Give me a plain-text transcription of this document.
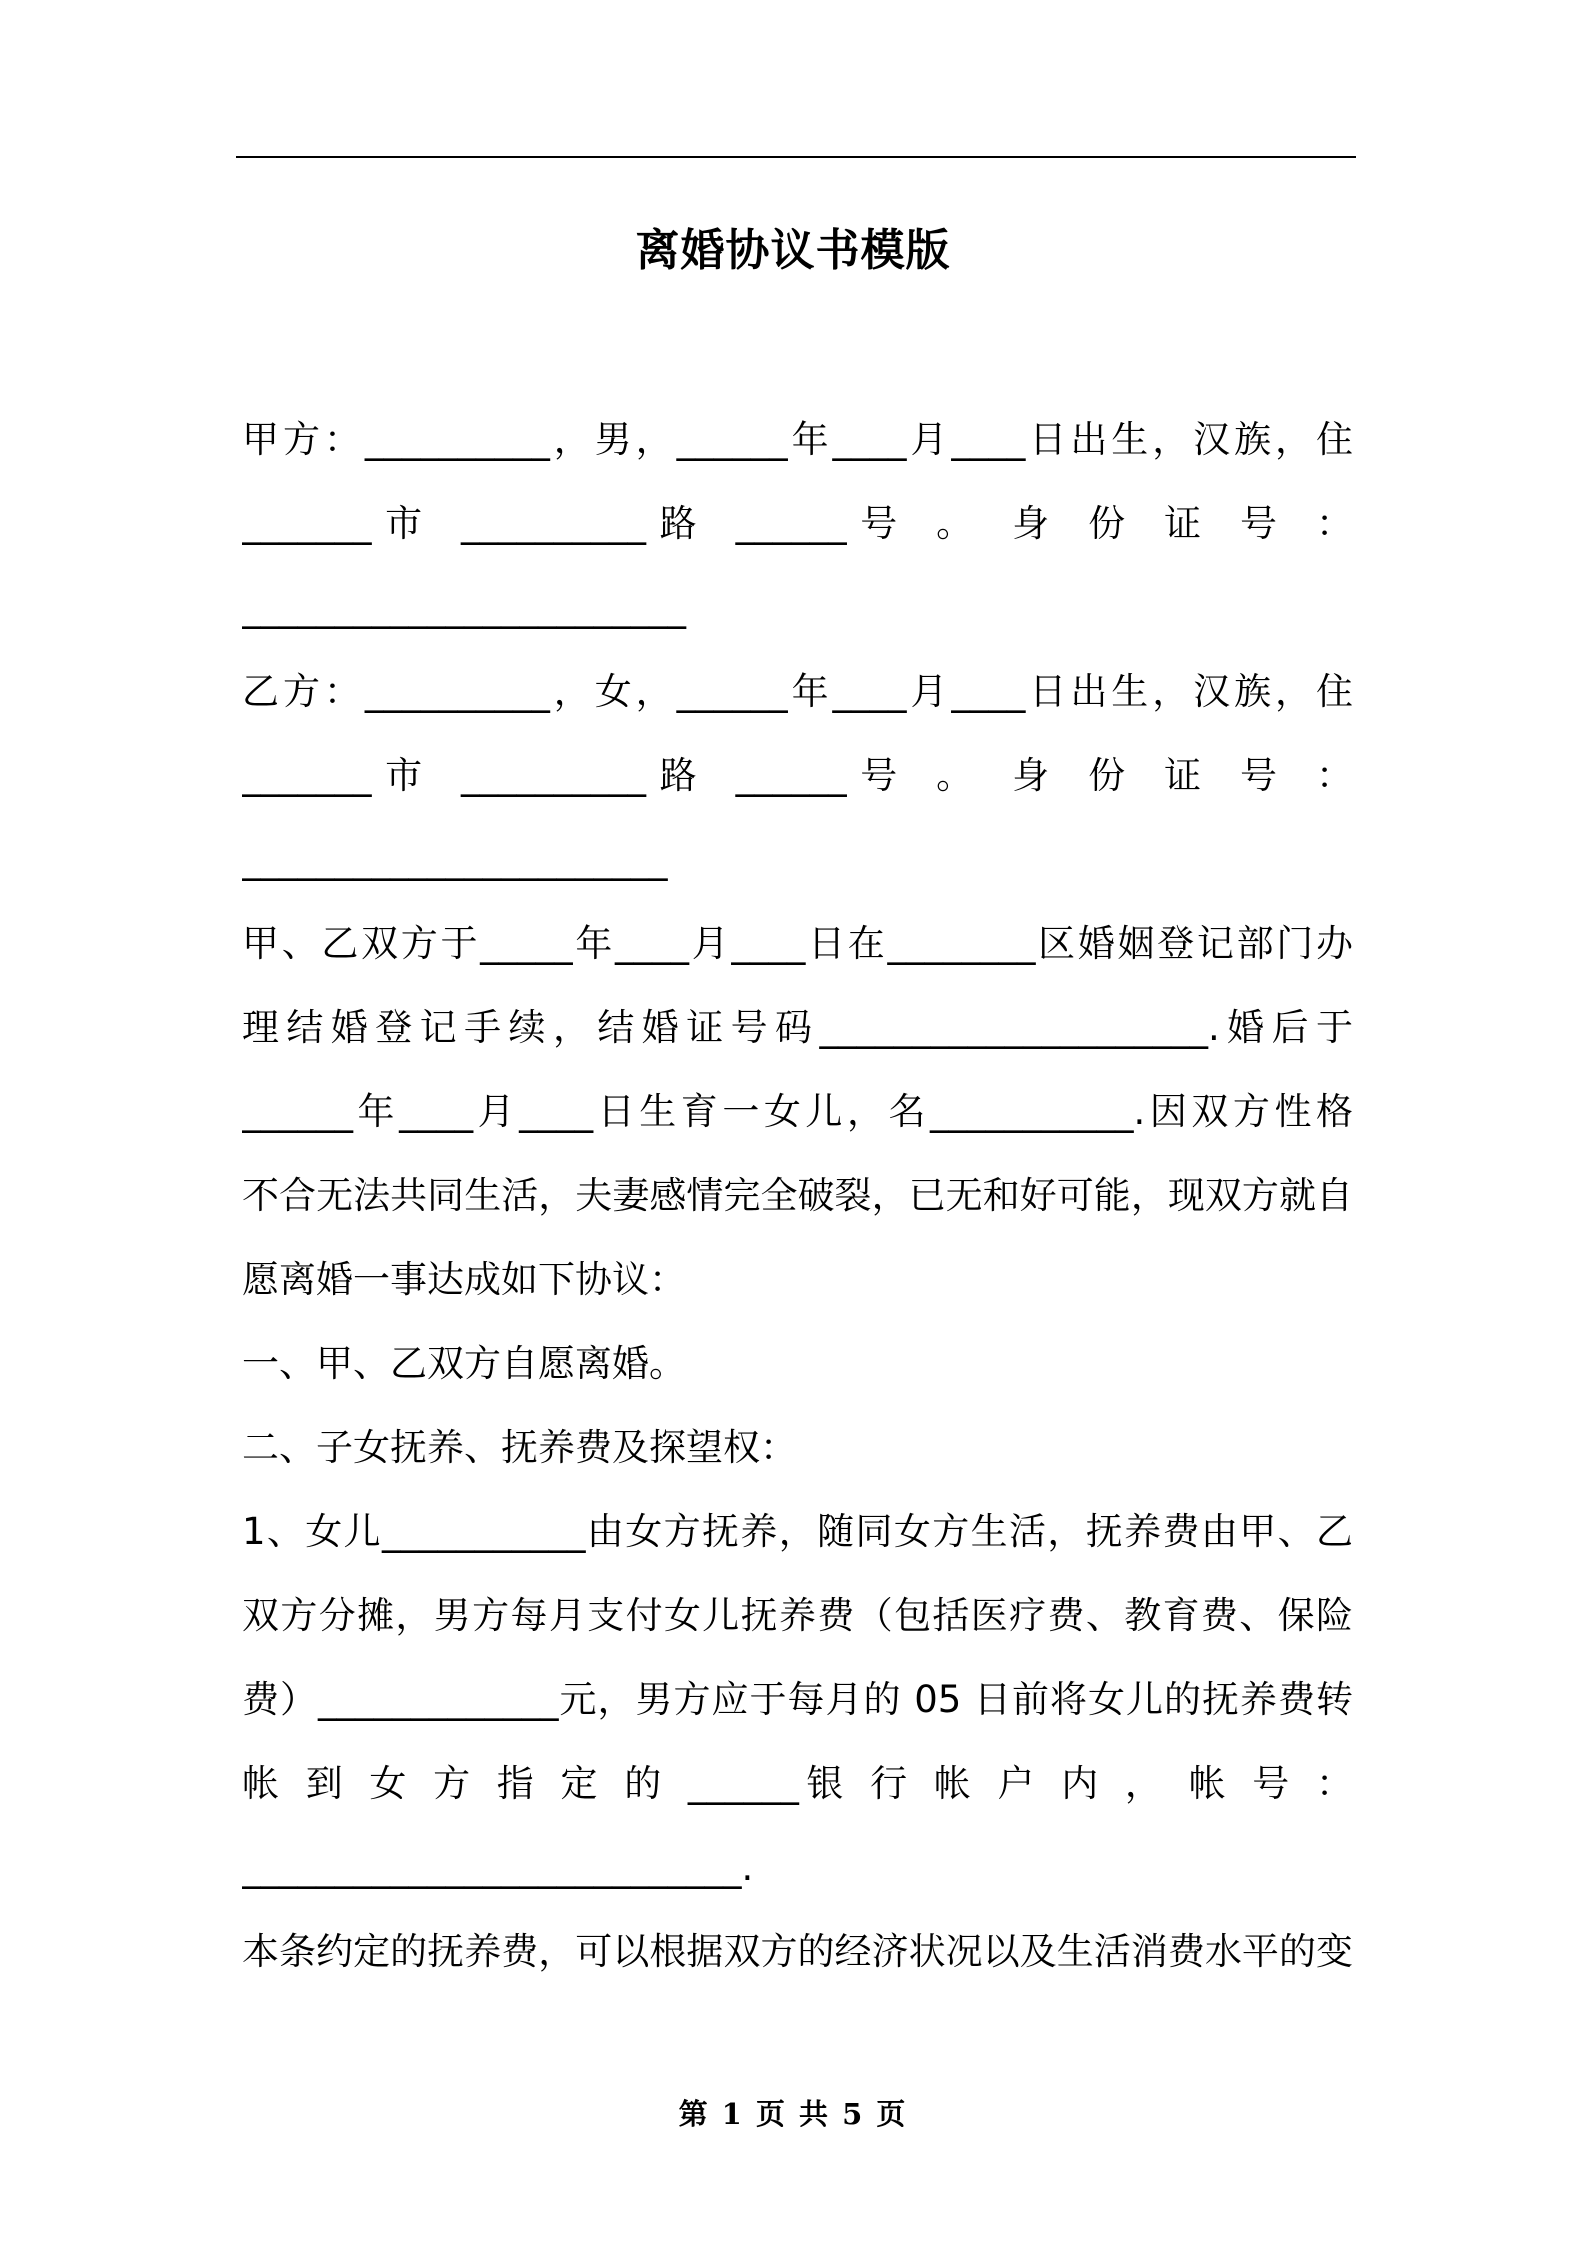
离婚协议书模版
甲方：__________，男，______年____月____日出生，汉族，住
_______市 __________路 ______号 。 身 份 证 号 ：
________________________
乙方：__________，女，______年____月____日出生，汉族，住
_______市 __________路 ______号 。 身 份 证 号 ：
_______________________
甲、乙双方于_____年____月____日在________区婚姻登记部门办
理结婚登记手续，结婚证号码_____________________.婚后于
______年____月____日生育一女儿，名___________.因双方性格
不合无法共同生活，夫妻感情完全破裂，已无和好可能，现双方就自
愿离婚一事达成如下协议：
一、甲、乙双方自愿离婚。
二、子女抚养、抚养费及探望权：
1、女儿___________由女方抚养，随同女方生活，抚养费由甲、乙
双方分摊，男方每月支付女儿抚养费（包括医疗费、教育费、保险
费）_____________元，男方应于每月的 05 日前将女儿的抚养费转
帐 到 女 方 指 定 的 ______银 行 帐 户 内 ， 帐 号 ：
___________________________.
本条约定的抚养费，可以根据双方的经济状况以及生活消费水平的变
第 1 页 共 5 页
